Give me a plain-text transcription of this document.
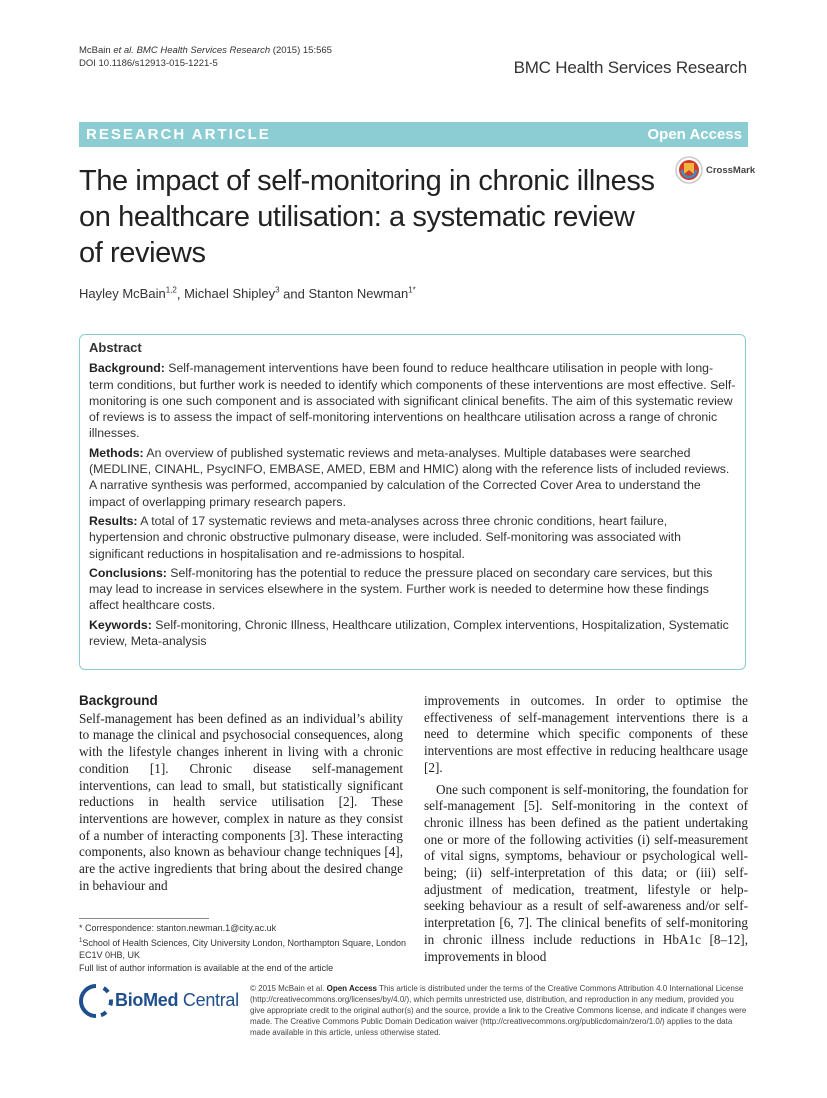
McBain et al. BMC Health Services Research (2015) 15:565
DOI 10.1186/s12913-015-1221-5	BMC Health Services Research
RESEARCH ARTICLE	Open Access
CrossMark
The impact of self-monitoring in chronic illness on healthcare utilisation: a systematic review of reviews
Hayley McBain$^{1,2}$, Michael Shipley$^3$ and Stanton Newman$^{1*}$
Abstract

Background: Self-management interventions have been found to reduce healthcare utilisation in people with long-term conditions, but further work is needed to identify which components of these interventions are most effective. Self-monitoring is one such component and is associated with significant clinical benefits. The aim of this systematic review of reviews is to assess the impact of self-monitoring interventions on healthcare utilisation across a range of chronic illnesses.

Methods: An overview of published systematic reviews and meta-analyses. Multiple databases were searched (MEDLINE, CINAHL, PsycINFO, EMBASE, AMED, EBM and HMIC) along with the reference lists of included reviews. A narrative synthesis was performed, accompanied by calculation of the Corrected Cover Area to understand the impact of overlapping primary research papers.

Results: A total of 17 systematic reviews and meta-analyses across three chronic conditions, heart failure, hypertension and chronic obstructive pulmonary disease, were included. Self-monitoring was associated with significant reductions in hospitalisation and re-admissions to hospital.

Conclusions: Self-monitoring has the potential to reduce the pressure placed on secondary care services, but this may lead to increase in services elsewhere in the system. Further work is needed to determine how these findings affect healthcare costs.

Keywords: Self-monitoring, Chronic Illness, Healthcare utilization, Complex interventions, Hospitalization, Systematic review, Meta-analysis

Background

Self-management has been defined as an individual’s ability to manage the clinical and psychosocial consequences, along with the lifestyle changes inherent in living with a chronic condition [1]. Chronic disease self-management interventions, can lead to small, but statistically significant reductions in health service utilisation [2]. These interventions are however, complex in nature as they consist of a number of interacting components [3]. These interacting components, also known as behaviour change techniques [4], are the active ingredients that bring about the desired change in behaviour and

improvements in outcomes. In order to optimise the effectiveness of self-management interventions there is a need to determine which specific components of these interventions are most effective in reducing healthcare usage [2].

One such component is self-monitoring, the foundation for self-management [5]. Self-monitoring in the context of chronic illness has been defined as the patient undertaking one or more of the following activities (i) self-measurement of vital signs, symptoms, behaviour or psychological well-being; (ii) self-interpretation of this data; or (iii) self-adjustment of medication, treatment, lifestyle or help-seeking behaviour as a result of self-awareness and/or self-interpretation [6, 7]. The clinical benefits of self-monitoring in chronic illness include reductions in HbA1c [8–12], improvements in blood

* Correspondence: stanton.newman.1@city.ac.uk
$^1$School of Health Sciences, City University London, Northampton Square, London EC1V 0HB, UK
Full list of author information is available at the end of the article
BioMed Central
© 2015 McBain et al. Open Access This article is distributed under the terms of the Creative Commons Attribution 4.0 International License (http://creativecommons.org/licenses/by/4.0/), which permits unrestricted use, distribution, and reproduction in any medium, provided you give appropriate credit to the original author(s) and the source, provide a link to the Creative Commons license, and indicate if changes were made. The Creative Commons Public Domain Dedication waiver (http://creativecommons.org/publicdomain/zero/1.0/) applies to the data made available in this article, unless otherwise stated.
